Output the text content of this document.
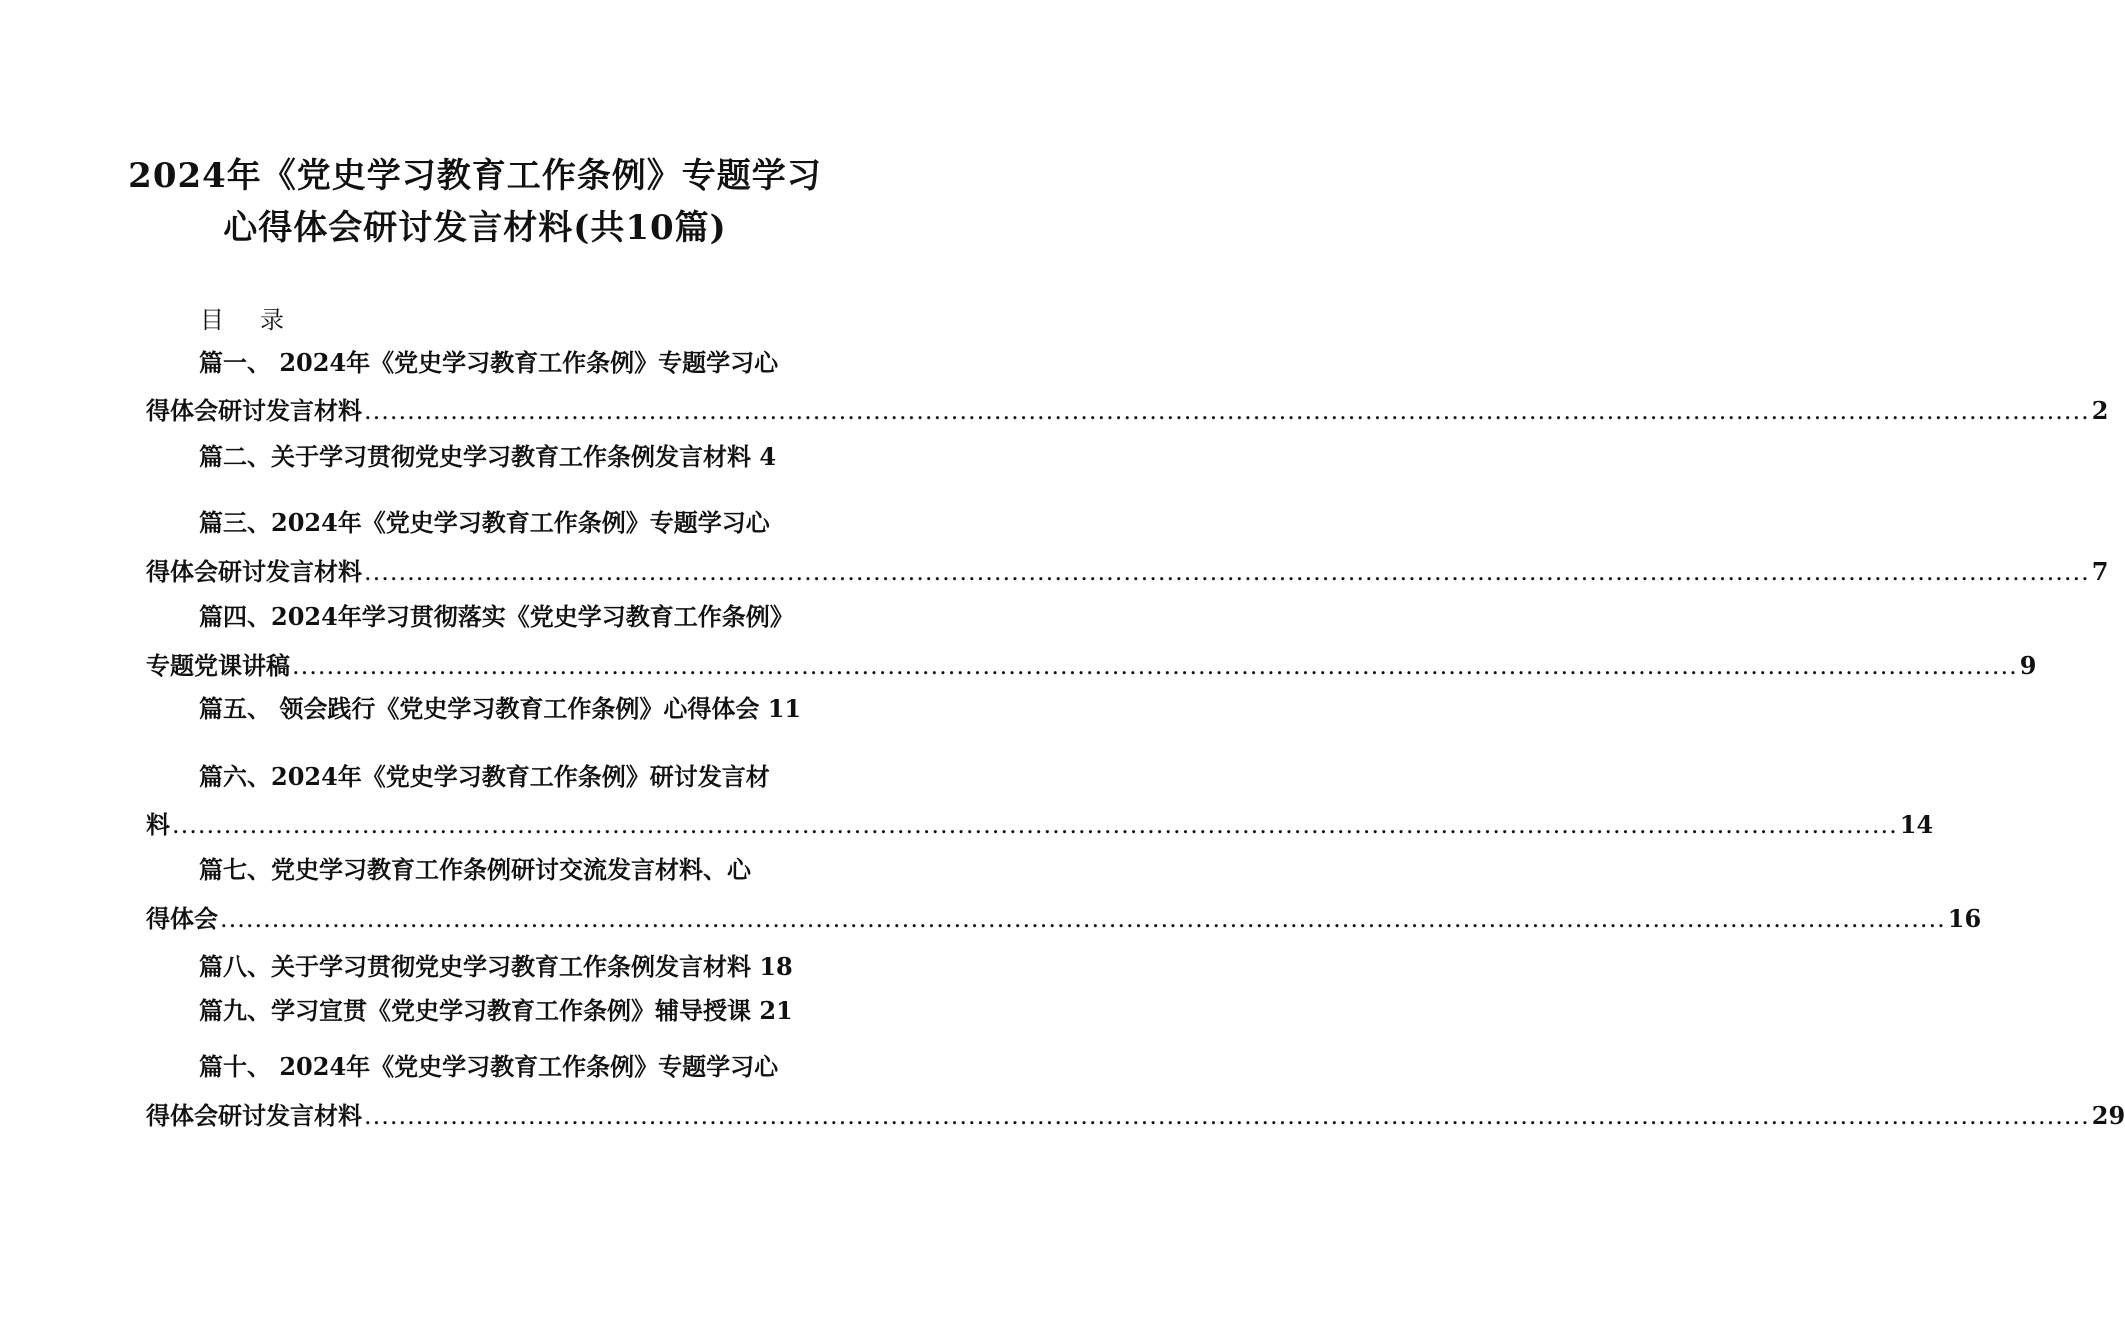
2024年《党史学习教育工作条例》专题学习
心得体会研讨发言材料(共10篇)
目 录
篇一、 2024年《党史学习教育工作条例》专题学习心
得体会研讨发言材料 ........................................................................................................................................................................................................ 2
篇二、关于学习贯彻党史学习教育工作条例发言材料 4
篇三、2024年《党史学习教育工作条例》专题学习心
得体会研讨发言材料 ........................................................................................................................................................................................................ 7
篇四、2024年学习贯彻落实《党史学习教育工作条例》
专题党课讲稿 ........................................................................................................................................................................................................ 9
篇五、 领会践行《党史学习教育工作条例》心得体会 11
篇六、2024年《党史学习教育工作条例》研讨发言材
料 ........................................................................................................................................................................................................ 14
篇七、党史学习教育工作条例研讨交流发言材料、心
得体会 ........................................................................................................................................................................................................ 16
篇八、关于学习贯彻党史学习教育工作条例发言材料 18
篇九、学习宣贯《党史学习教育工作条例》辅导授课 21
篇十、 2024年《党史学习教育工作条例》专题学习心
得体会研讨发言材料 ........................................................................................................................................................................................................ 29
